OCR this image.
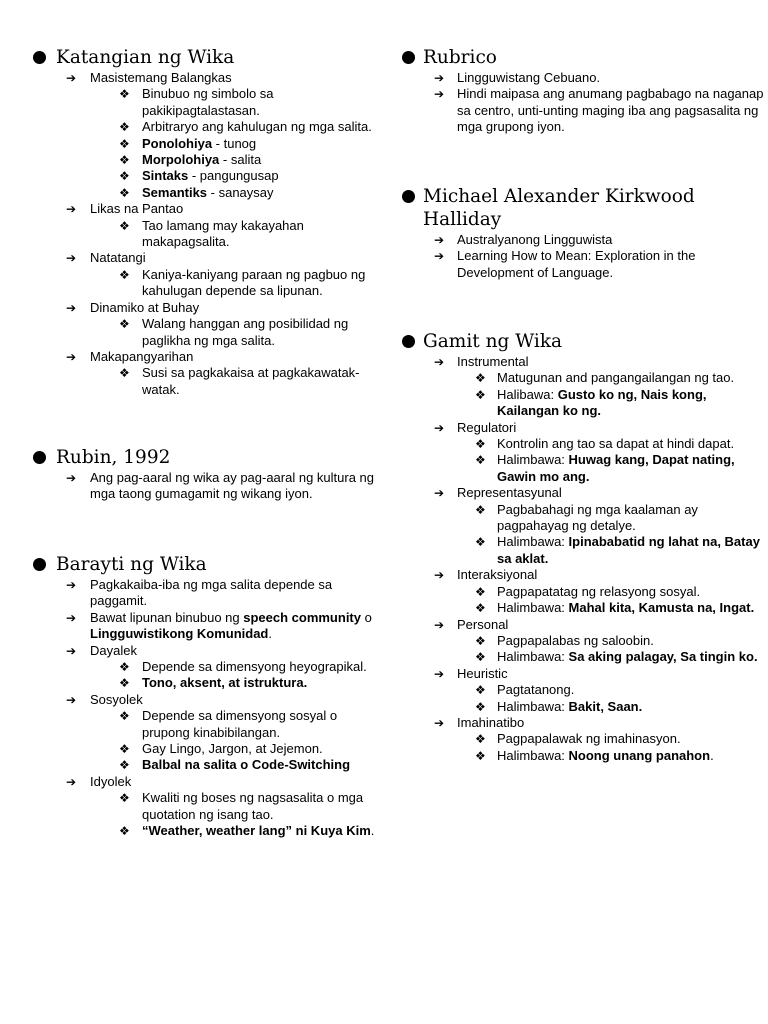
Katangian ng Wika
➔ Masistemang Balangkas
❖ Binubuo ng simbolo sa pakikipagtalastasan.
❖ Arbitraryo ang kahulugan ng mga salita.
❖ Ponolohiya - tunog
❖ Morpolohiya - salita
❖ Sintaks - pangungusap
❖ Semantiks - sanaysay
➔ Likas na Pantao
❖ Tao lamang may kakayahan makapagsalita.
➔ Natatangi
❖ Kaniya-kaniyang paraan ng pagbuo ng kahulugan depende sa lipunan.
➔ Dinamiko at Buhay
❖ Walang hanggan ang posibilidad ng paglikha ng mga salita.
➔ Makapangyarihan
❖ Susi sa pagkakaisa at pagkakawatak-watak.
Rubin, 1992
➔ Ang pag-aaral ng wika ay pag-aaral ng kultura ng mga taong gumagamit ng wikang iyon.
Barayti ng Wika
➔ Pagkakaiba-iba ng mga salita depende sa paggamit.
➔ Bawat lipunan binubuo ng speech community o Lingguwistikong Komunidad.
➔ Dayalek
❖ Depende sa dimensyong heyograpikal.
❖ Tono, aksent, at istruktura.
➔ Sosyolek
❖ Depende sa dimensyong sosyal o prupong kinabibilangan.
❖ Gay Lingo, Jargon, at Jejemon.
❖ Balbal na salita o Code-Switching
➔ Idyolek
❖ Kwaliti ng boses ng nagsasalita o mga quotation ng isang tao.
❖ “Weather, weather lang” ni Kuya Kim.
Rubrico
➔ Lingguwistang Cebuano.
➔ Hindi maipasa ang anumang pagbabago na naganap sa centro, unti-unting maging iba ang pagsasalita ng mga grupong iyon.
Michael Alexander Kirkwood Halliday
➔ Australyanong Lingguwista
➔ Learning How to Mean: Exploration in the Development of Language.
Gamit ng Wika
➔ Instrumental
❖ Matugunan and pangangailangan ng tao.
❖ Halibawa: Gusto ko ng, Nais kong, Kailangan ko ng.
➔ Regulatori
❖ Kontrolin ang tao sa dapat at hindi dapat.
❖ Halimbawa: Huwag kang, Dapat nating, Gawin mo ang.
➔ Representasyunal
❖ Pagbabahagi ng mga kaalaman ay pagpahayag ng detalye.
❖ Halimbawa: Ipinababatid ng lahat na, Batay sa aklat.
➔ Interaksiyonal
❖ Pagpapatatag ng relasyong sosyal.
❖ Halimbawa: Mahal kita, Kamusta na, Ingat.
➔ Personal
❖ Pagpapalabas ng saloobin.
❖ Halimbawa: Sa aking palagay, Sa tingin ko.
➔ Heuristic
❖ Pagtatanong.
❖ Halimbawa: Bakit, Saan.
➔ Imahinatibo
❖ Pagpapalawak ng imahinasyon.
❖ Halimbawa: Noong unang panahon.
